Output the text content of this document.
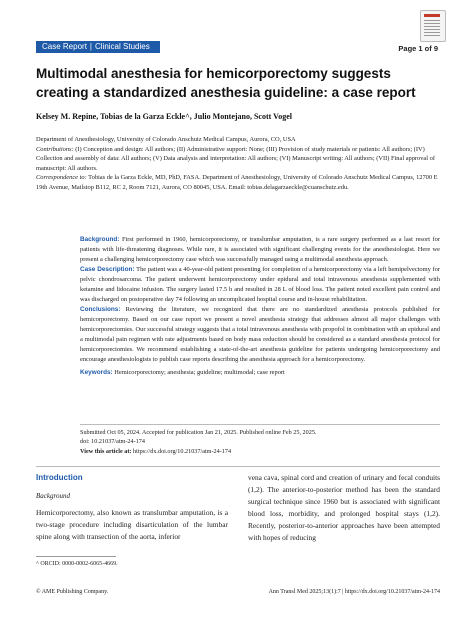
Case Report | Clinical Studies	Page 1 of 9
Multimodal anesthesia for hemicorporectomy suggests creating a standardized anesthesia guideline: a case report
Kelsey M. Repine, Tobias de la Garza Eckle^, Julio Montejano, Scott Vogel

Department of Anesthesiology, University of Colorado Anschutz Medical Campus, Aurora, CO, USA

Contributions: (I) Conception and design: All authors; (II) Administrative support: None; (III) Provision of study materials or patients: All authors; (IV) Collection and assembly of data: All authors; (V) Data analysis and interpretation: All authors; (VI) Manuscript writing: All authors; (VII) Final approval of manuscript: All authors.

Correspondence to: Tobias de la Garza Eckle, MD, PhD, FASA. Department of Anesthesiology, University of Colorado Anschutz Medical Campus, 12700 E 19th Avenue, Mailstop B112, RC 2, Room 7121, Aurora, CO 80045, USA. Email: tobias.delagarzaeckle@cuanschutz.edu.

Background: First performed in 1960, hemicorporectomy, or translumbar amputation, is a rare surgery performed as a last resort for patients with life-threatening diagnoses. While rare, it is associated with significant challenging events for the anesthesiologist. Here we present a challenging hemicorporectomy case which was successfully managed using a multimodal anesthesia approach.

Case Description: The patient was a 40-year-old patient presenting for completion of a hemicorporectomy via a left hemipelvectomy for pelvic chondrosarcoma. The patient underwent hemicorporectomy under epidural and total intravenous anesthesia supplemented with ketamine and lidocaine infusion. The surgery lasted 17.5 h and resulted in 28 L of blood loss. The patient noted excellent pain control and was discharged on postoperative day 74 following an uncomplicated hospital course and in-house rehabilitation.

Conclusions: Reviewing the literature, we recognized that there are no standardized anesthesia protocols published for hemicorporectomy. Based on our case report we present a novel anesthesia strategy that addresses almost all major challenges with hemicorporectomies. Our successful strategy suggests that a total intravenous anesthesia with propofol in combination with an epidural and a multimodal pain regimen with rate adjustments based on body mass reduction should be considered as a standard anesthesia protocol for hemicorporectomies. We recommend establishing a state-of-the-art anesthesia guideline for patients undergoing hemicorporectomy and encourage anesthesiologists to publish case reports describing the anesthesia approach for a hemicorporectomy.

Keywords: Hemicorporectomy; anesthesia; guideline; multimodal; case report

Submitted Oct 05, 2024. Accepted for publication Jan 21, 2025. Published online Feb 25, 2025.

doi: 10.21037/atm-24-174

View this article at: https://dx.doi.org/10.21037/atm-24-174

Introduction

Background

Hemicorporectomy, also known as translumbar amputation, is a two-stage procedure including disarticulation of the lumbar spine along with transection of the aorta, inferior

vena cava, spinal cord and creation of urinary and fecal conduits (1,2). The anterior-to-posterior method has been the standard surgical technique since 1960 but is associated with significant blood loss, morbidity, and prolonged hospital stays (1,2). Recently, posterior-to-anterior approaches have been attempted with hopes of reducing

^ ORCID: 0000-0002-6065-4669.
© AME Publishing Company.	Ann Transl Med 2025;13(1):7 | https://dx.doi.org/10.21037/atm-24-174
